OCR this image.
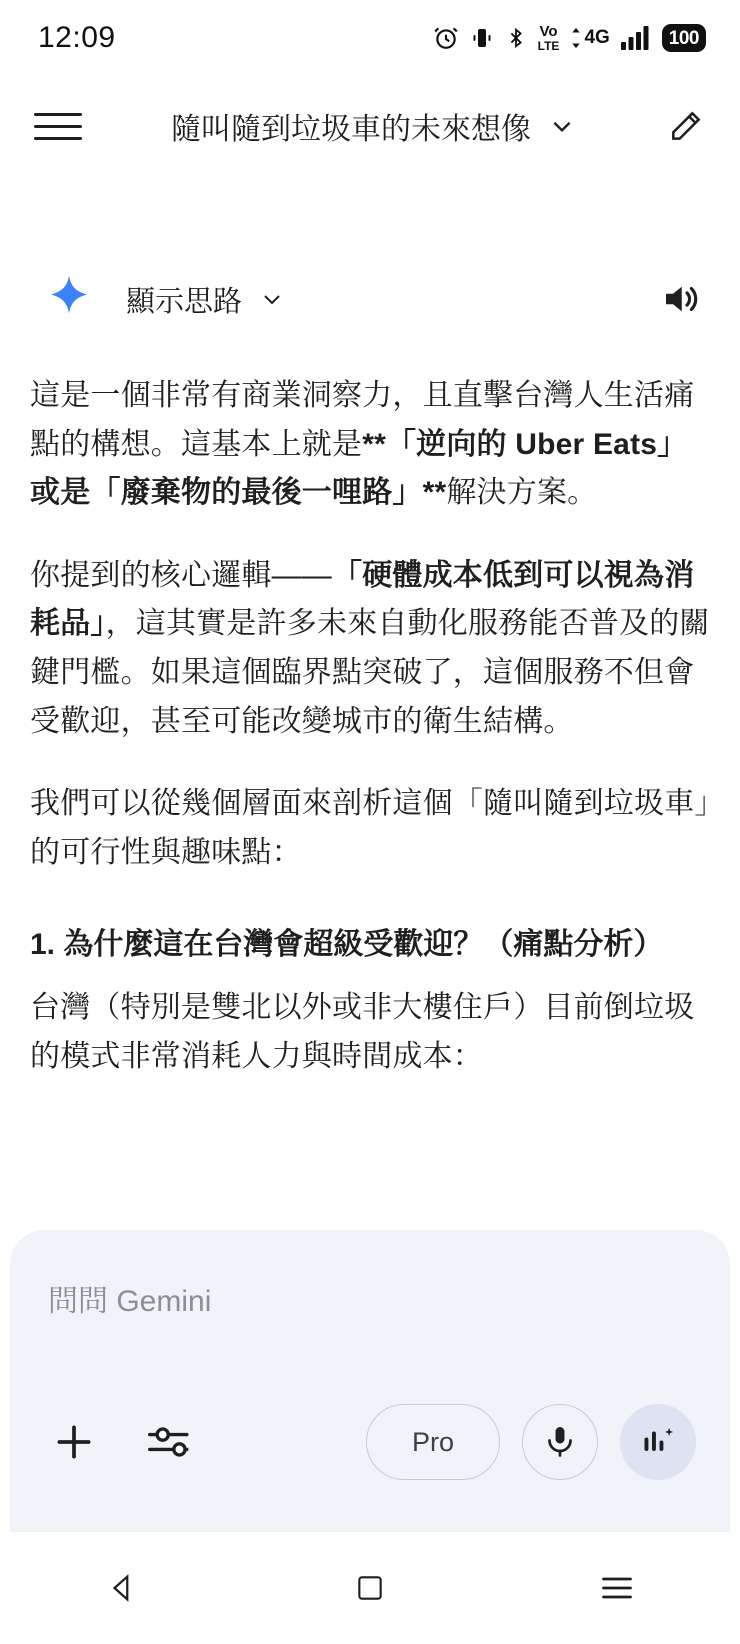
12:09	Vo
LTE 4G	100
隨叫隨到垃圾車的未來想像
顯示思路
這是一個非常有商業洞察力，且直擊台灣人生活痛點的構想。這基本上就是**「逆向的 Uber Eats」或是「廢棄物的最後一哩路」**解決方案。
你提到的核心邏輯——「硬體成本低到可以視為消耗品」，這其實是許多未來自動化服務能否普及的關鍵門檻。如果這個臨界點突破了，這個服務不但會受歡迎，甚至可能改變城市的衛生結構。
我們可以從幾個層面來剖析這個「隨叫隨到垃圾車」的可行性與趣味點：
1. 為什麼這在台灣會超級受歡迎？（痛點分析）
台灣（特別是雙北以外或非大樓住戶）目前倒垃圾的模式非常消耗人力與時間成本：
問問 Gemini
Pro
